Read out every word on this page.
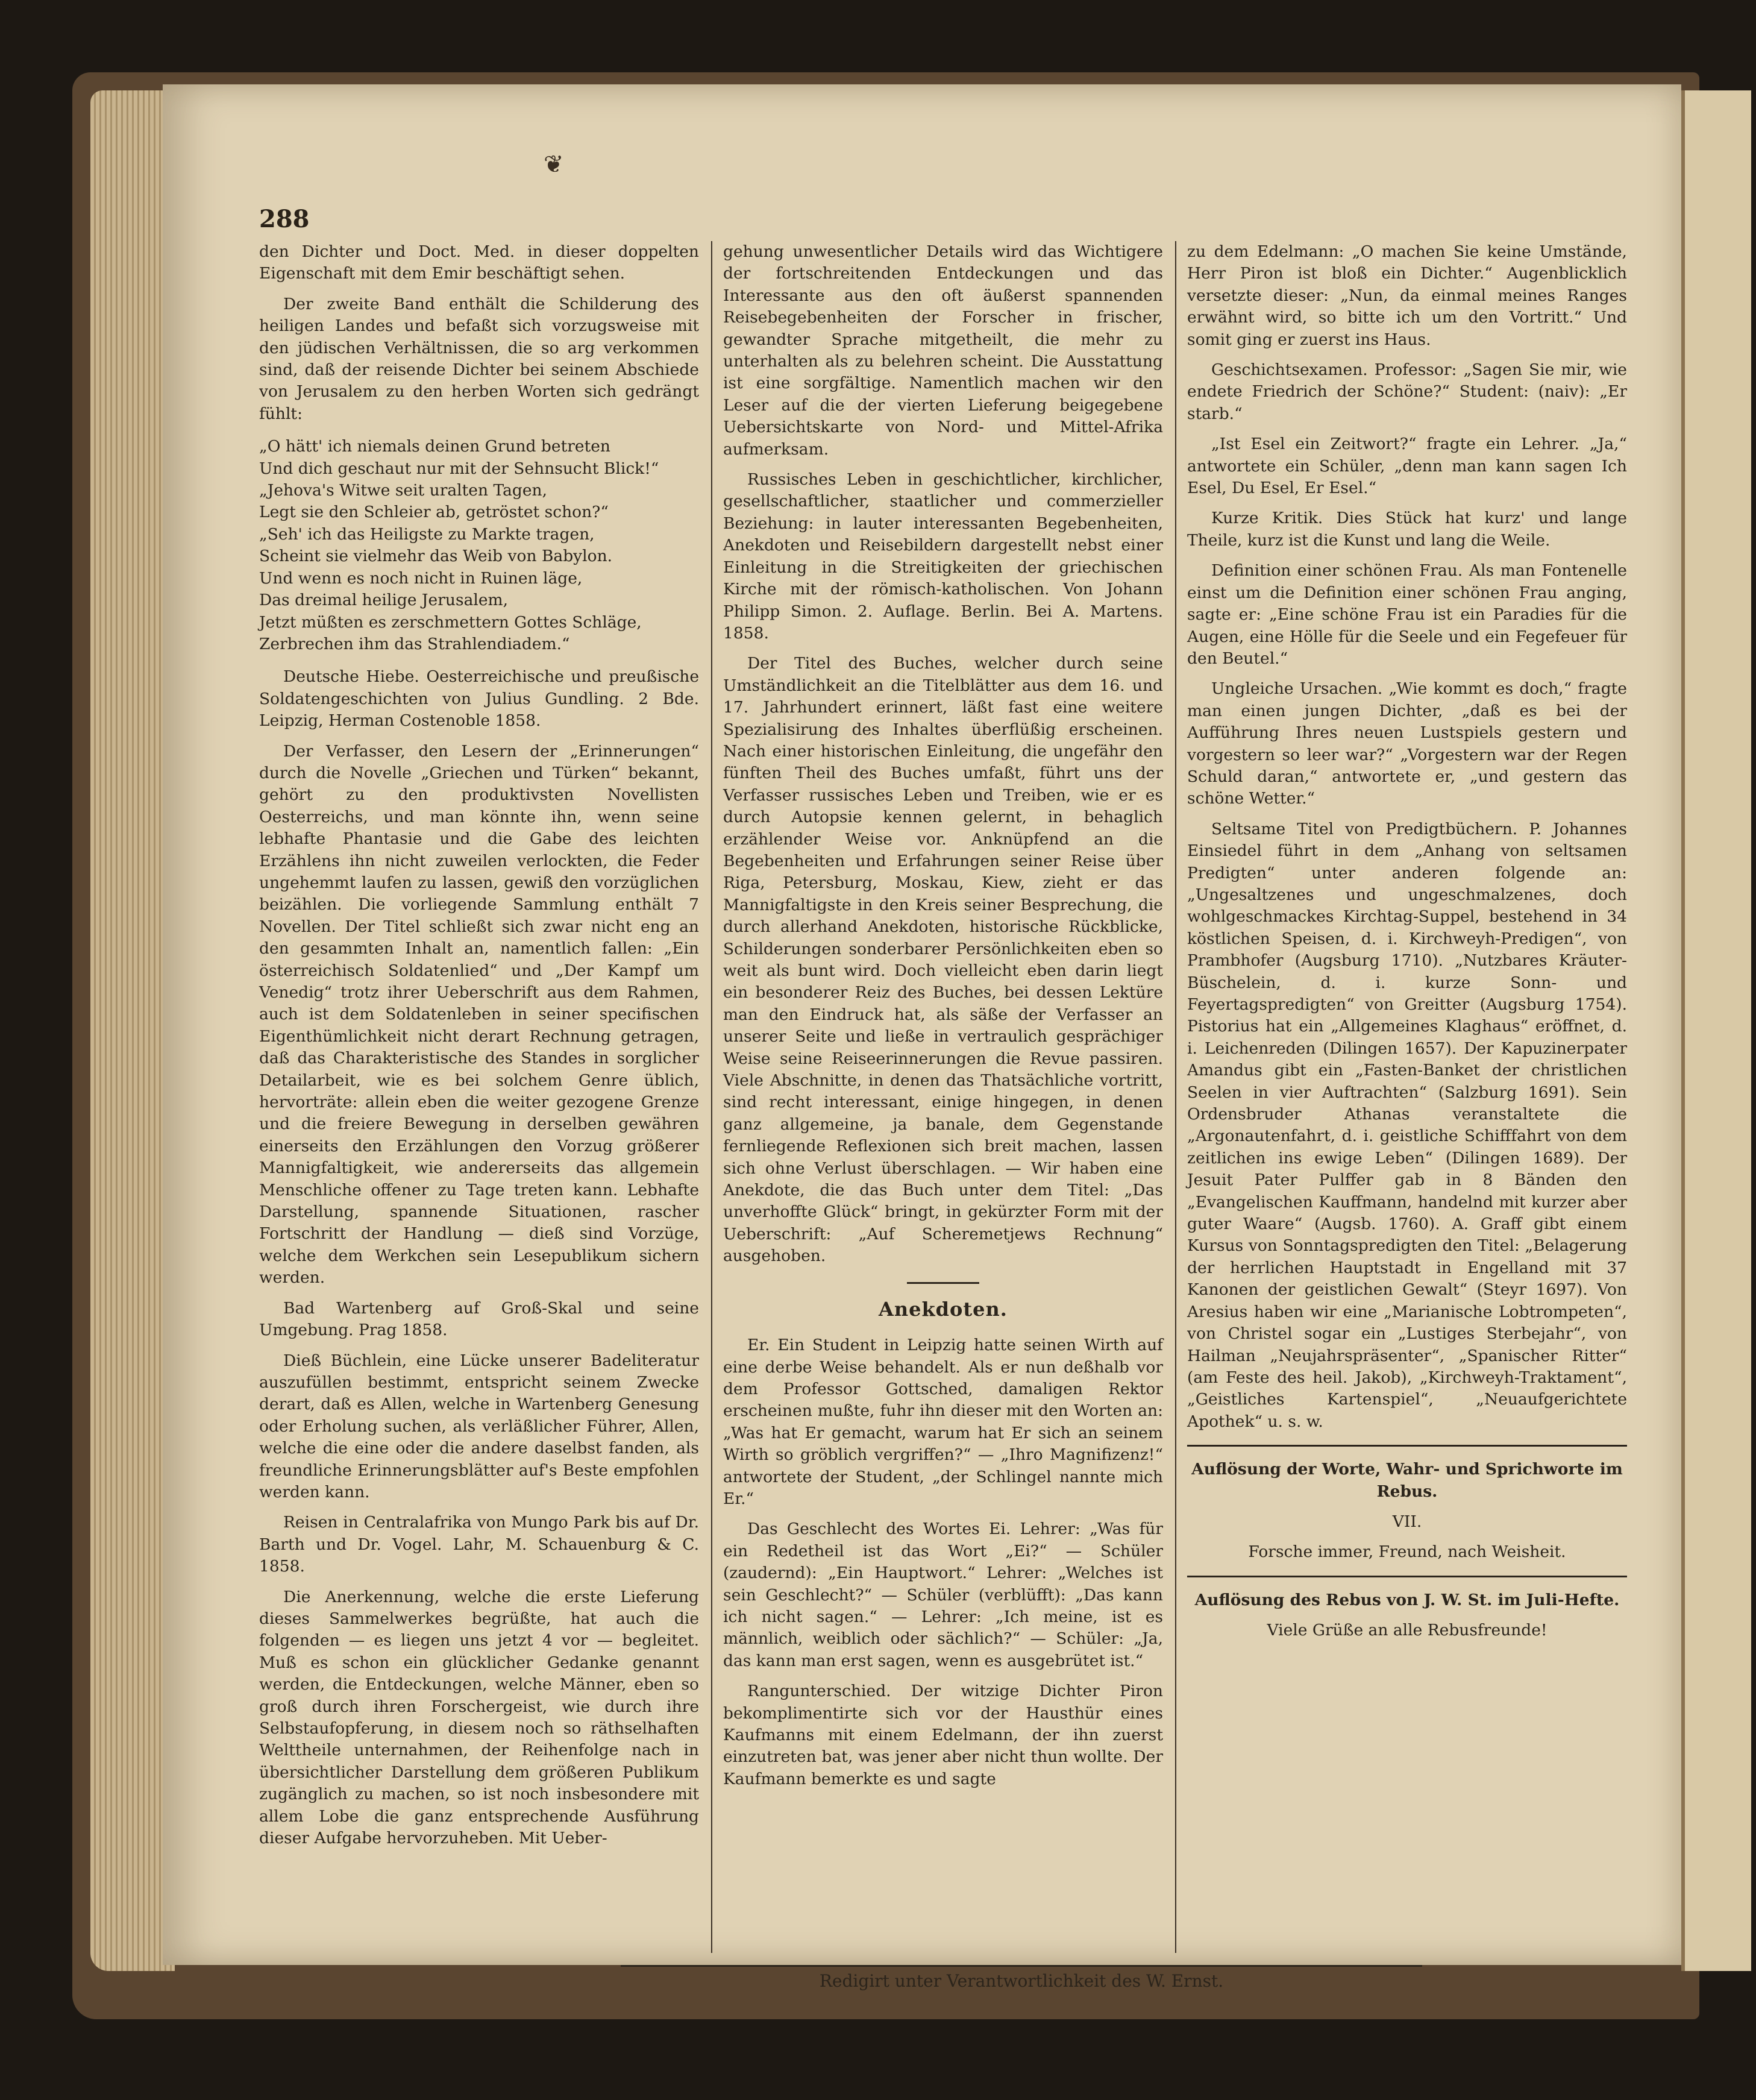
❦
288

den Dichter und Doct. Med. in dieser doppelten Eigenschaft mit dem Emir beschäftigt sehen.

Der zweite Band enthält die Schilderung des heiligen Landes und befaßt sich vorzugsweise mit den jüdischen Verhältnissen, die so arg verkommen sind, daß der reisende Dichter bei seinem Abschiede von Jerusalem zu den herben Worten sich gedrängt fühlt:

„O hätt' ich niemals deinen Grund betreten
Und dich geschaut nur mit der Sehnsucht Blick!“
„Jehova's Witwe seit uralten Tagen,
Legt sie den Schleier ab, getröstet schon?“
„Seh' ich das Heiligste zu Markte tragen,
Scheint sie vielmehr das Weib von Babylon.
Und wenn es noch nicht in Ruinen läge,
Das dreimal heilige Jerusalem,
Jetzt müßten es zerschmettern Gottes Schläge,
Zerbrechen ihm das Strahlendiadem.“

Deutsche Hiebe. Oesterreichische und preußische Soldatengeschichten von Julius Gundling. 2 Bde. Leipzig, Herman Costenoble 1858.

Der Verfasser, den Lesern der „Erinnerungen“ durch die Novelle „Griechen und Türken“ bekannt, gehört zu den produktivsten Novellisten Oesterreichs, und man könnte ihn, wenn seine lebhafte Phantasie und die Gabe des leichten Erzählens ihn nicht zuweilen verlockten, die Feder ungehemmt laufen zu lassen, gewiß den vorzüglichen beizählen. Die vorliegende Sammlung enthält 7 Novellen. Der Titel schließt sich zwar nicht eng an den gesammten Inhalt an, namentlich fallen: „Ein österreichisch Soldatenlied“ und „Der Kampf um Venedig“ trotz ihrer Ueberschrift aus dem Rahmen, auch ist dem Soldatenleben in seiner specifischen Eigenthümlichkeit nicht derart Rechnung getragen, daß das Charakteristische des Standes in sorglicher Detailarbeit, wie es bei solchem Genre üblich, hervorträte: allein eben die weiter gezogene Grenze und die freiere Bewegung in derselben gewähren einerseits den Erzählungen den Vorzug größerer Mannigfaltigkeit, wie andererseits das allgemein Menschliche offener zu Tage treten kann. Lebhafte Darstellung, spannende Situationen, rascher Fortschritt der Handlung — dieß sind Vorzüge, welche dem Werkchen sein Lesepublikum sichern werden.

Bad Wartenberg auf Groß-Skal und seine Umgebung. Prag 1858.

Dieß Büchlein, eine Lücke unserer Badeliteratur auszufüllen bestimmt, entspricht seinem Zwecke derart, daß es Allen, welche in Wartenberg Genesung oder Erholung suchen, als verläßlicher Führer, Allen, welche die eine oder die andere daselbst fanden, als freundliche Erinnerungsblätter auf's Beste empfohlen werden kann.

Reisen in Centralafrika von Mungo Park bis auf Dr. Barth und Dr. Vogel. Lahr, M. Schauenburg & C. 1858.

Die Anerkennung, welche die erste Lieferung dieses Sammelwerkes begrüßte, hat auch die folgenden — es liegen uns jetzt 4 vor — begleitet. Muß es schon ein glücklicher Gedanke genannt werden, die Entdeckungen, welche Männer, eben so groß durch ihren Forschergeist, wie durch ihre Selbstaufopferung, in diesem noch so räthselhaften Welttheile unternahmen, der Reihenfolge nach in übersichtlicher Darstellung dem größeren Publikum zugänglich zu machen, so ist noch insbesondere mit allem Lobe die ganz entsprechende Ausführung dieser Aufgabe hervorzuheben. Mit Ueber-

gehung unwesentlicher Details wird das Wichtigere der fortschreitenden Entdeckungen und das Interessante aus den oft äußerst spannenden Reisebegebenheiten der Forscher in frischer, gewandter Sprache mitgetheilt, die mehr zu unterhalten als zu belehren scheint. Die Ausstattung ist eine sorgfältige. Namentlich machen wir den Leser auf die der vierten Lieferung beigegebene Uebersichtskarte von Nord- und Mittel-Afrika aufmerksam.

Russisches Leben in geschichtlicher, kirchlicher, gesellschaftlicher, staatlicher und commerzieller Beziehung: in lauter interessanten Begebenheiten, Anekdoten und Reisebildern dargestellt nebst einer Einleitung in die Streitigkeiten der griechischen Kirche mit der römisch-katholischen. Von Johann Philipp Simon. 2. Auflage. Berlin. Bei A. Martens. 1858.

Der Titel des Buches, welcher durch seine Umständlichkeit an die Titelblätter aus dem 16. und 17. Jahrhundert erinnert, läßt fast eine weitere Spezialisirung des Inhaltes überflüßig erscheinen. Nach einer historischen Einleitung, die ungefähr den fünften Theil des Buches umfaßt, führt uns der Verfasser russisches Leben und Treiben, wie er es durch Autopsie kennen gelernt, in behaglich erzählender Weise vor. Anknüpfend an die Begebenheiten und Erfahrungen seiner Reise über Riga, Petersburg, Moskau, Kiew, zieht er das Mannigfaltigste in den Kreis seiner Besprechung, die durch allerhand Anekdoten, historische Rückblicke, Schilderungen sonderbarer Persönlichkeiten eben so weit als bunt wird. Doch vielleicht eben darin liegt ein besonderer Reiz des Buches, bei dessen Lektüre man den Eindruck hat, als säße der Verfasser an unserer Seite und ließe in vertraulich gesprächiger Weise seine Reiseerinnerungen die Revue passiren. Viele Abschnitte, in denen das Thatsächliche vortritt, sind recht interessant, einige hingegen, in denen ganz allgemeine, ja banale, dem Gegenstande fernliegende Reflexionen sich breit machen, lassen sich ohne Verlust überschlagen. — Wir haben eine Anekdote, die das Buch unter dem Titel: „Das unverhoffte Glück“ bringt, in gekürzter Form mit der Ueberschrift: „Auf Scheremetjews Rechnung“ ausgehoben.

Anekdoten.

Er. Ein Student in Leipzig hatte seinen Wirth auf eine derbe Weise behandelt. Als er nun deßhalb vor dem Professor Gottsched, damaligen Rektor erscheinen mußte, fuhr ihn dieser mit den Worten an: „Was hat Er gemacht, warum hat Er sich an seinem Wirth so gröblich vergriffen?“ — „Ihro Magnifizenz!“ antwortete der Student, „der Schlingel nannte mich Er.“

Das Geschlecht des Wortes Ei. Lehrer: „Was für ein Redetheil ist das Wort „Ei?“ — Schüler (zaudernd): „Ein Hauptwort.“ Lehrer: „Welches ist sein Geschlecht?“ — Schüler (verblüfft): „Das kann ich nicht sagen.“ — Lehrer: „Ich meine, ist es männlich, weiblich oder sächlich?“ — Schüler: „Ja, das kann man erst sagen, wenn es ausgebrütet ist.“

Rangunterschied. Der witzige Dichter Piron bekomplimentirte sich vor der Hausthür eines Kaufmanns mit einem Edelmann, der ihn zuerst einzutreten bat, was jener aber nicht thun wollte. Der Kaufmann bemerkte es und sagte

zu dem Edelmann: „O machen Sie keine Umstände, Herr Piron ist bloß ein Dichter.“ Augenblicklich versetzte dieser: „Nun, da einmal meines Ranges erwähnt wird, so bitte ich um den Vortritt.“ Und somit ging er zuerst ins Haus.

Geschichtsexamen. Professor: „Sagen Sie mir, wie endete Friedrich der Schöne?“ Student: (naiv): „Er starb.“

„Ist Esel ein Zeitwort?“ fragte ein Lehrer. „Ja,“ antwortete ein Schüler, „denn man kann sagen Ich Esel, Du Esel, Er Esel.“

Kurze Kritik. Dies Stück hat kurz' und lange Theile, kurz ist die Kunst und lang die Weile.

Definition einer schönen Frau. Als man Fontenelle einst um die Definition einer schönen Frau anging, sagte er: „Eine schöne Frau ist ein Paradies für die Augen, eine Hölle für die Seele und ein Fegefeuer für den Beutel.“

Ungleiche Ursachen. „Wie kommt es doch,“ fragte man einen jungen Dichter, „daß es bei der Aufführung Ihres neuen Lustspiels gestern und vorgestern so leer war?“ „Vorgestern war der Regen Schuld daran,“ antwortete er, „und gestern das schöne Wetter.“

Seltsame Titel von Predigtbüchern. P. Johannes Einsiedel führt in dem „Anhang von seltsamen Predigten“ unter anderen folgende an: „Ungesaltzenes und ungeschmalzenes, doch wohlgeschmackes Kirchtag-Suppel, bestehend in 34 köstlichen Speisen, d. i. Kirchweyh-Predigen“, von Prambhofer (Augsburg 1710). „Nutzbares Kräuter-Büschelein, d. i. kurze Sonn- und Feyertagspredigten“ von Greitter (Augsburg 1754). Pistorius hat ein „Allgemeines Klaghaus“ eröffnet, d. i. Leichenreden (Dilingen 1657). Der Kapuzinerpater Amandus gibt ein „Fasten-Banket der christlichen Seelen in vier Auftrachten“ (Salzburg 1691). Sein Ordensbruder Athanas veranstaltete die „Argonautenfahrt, d. i. geistliche Schifffahrt von dem zeitlichen ins ewige Leben“ (Dilingen 1689). Der Jesuit Pater Pulffer gab in 8 Bänden den „Evangelischen Kauffmann, handelnd mit kurzer aber guter Waare“ (Augsb. 1760). A. Graff gibt einem Kursus von Sonntagspredigten den Titel: „Belagerung der herrlichen Hauptstadt in Engelland mit 37 Kanonen der geistlichen Gewalt“ (Steyr 1697). Von Aresius haben wir eine „Marianische Lobtrompeten“, von Christel sogar ein „Lustiges Sterbejahr“, von Hailman „Neujahrspräsenter“, „Spanischer Ritter“ (am Feste des heil. Jakob), „Kirchweyh-Traktament“, „Geistliches Kartenspiel“, „Neuaufgerichtete Apothek“ u. s. w.

Auflösung der Worte, Wahr- und Sprichworte im Rebus.

VII.

Forsche immer, Freund, nach Weisheit.

Auflösung des Rebus von J. W. St. im Juli-Hefte.

Viele Grüße an alle Rebusfreunde!

Redigirt unter Verantwortlichkeit des W. Ernst.
